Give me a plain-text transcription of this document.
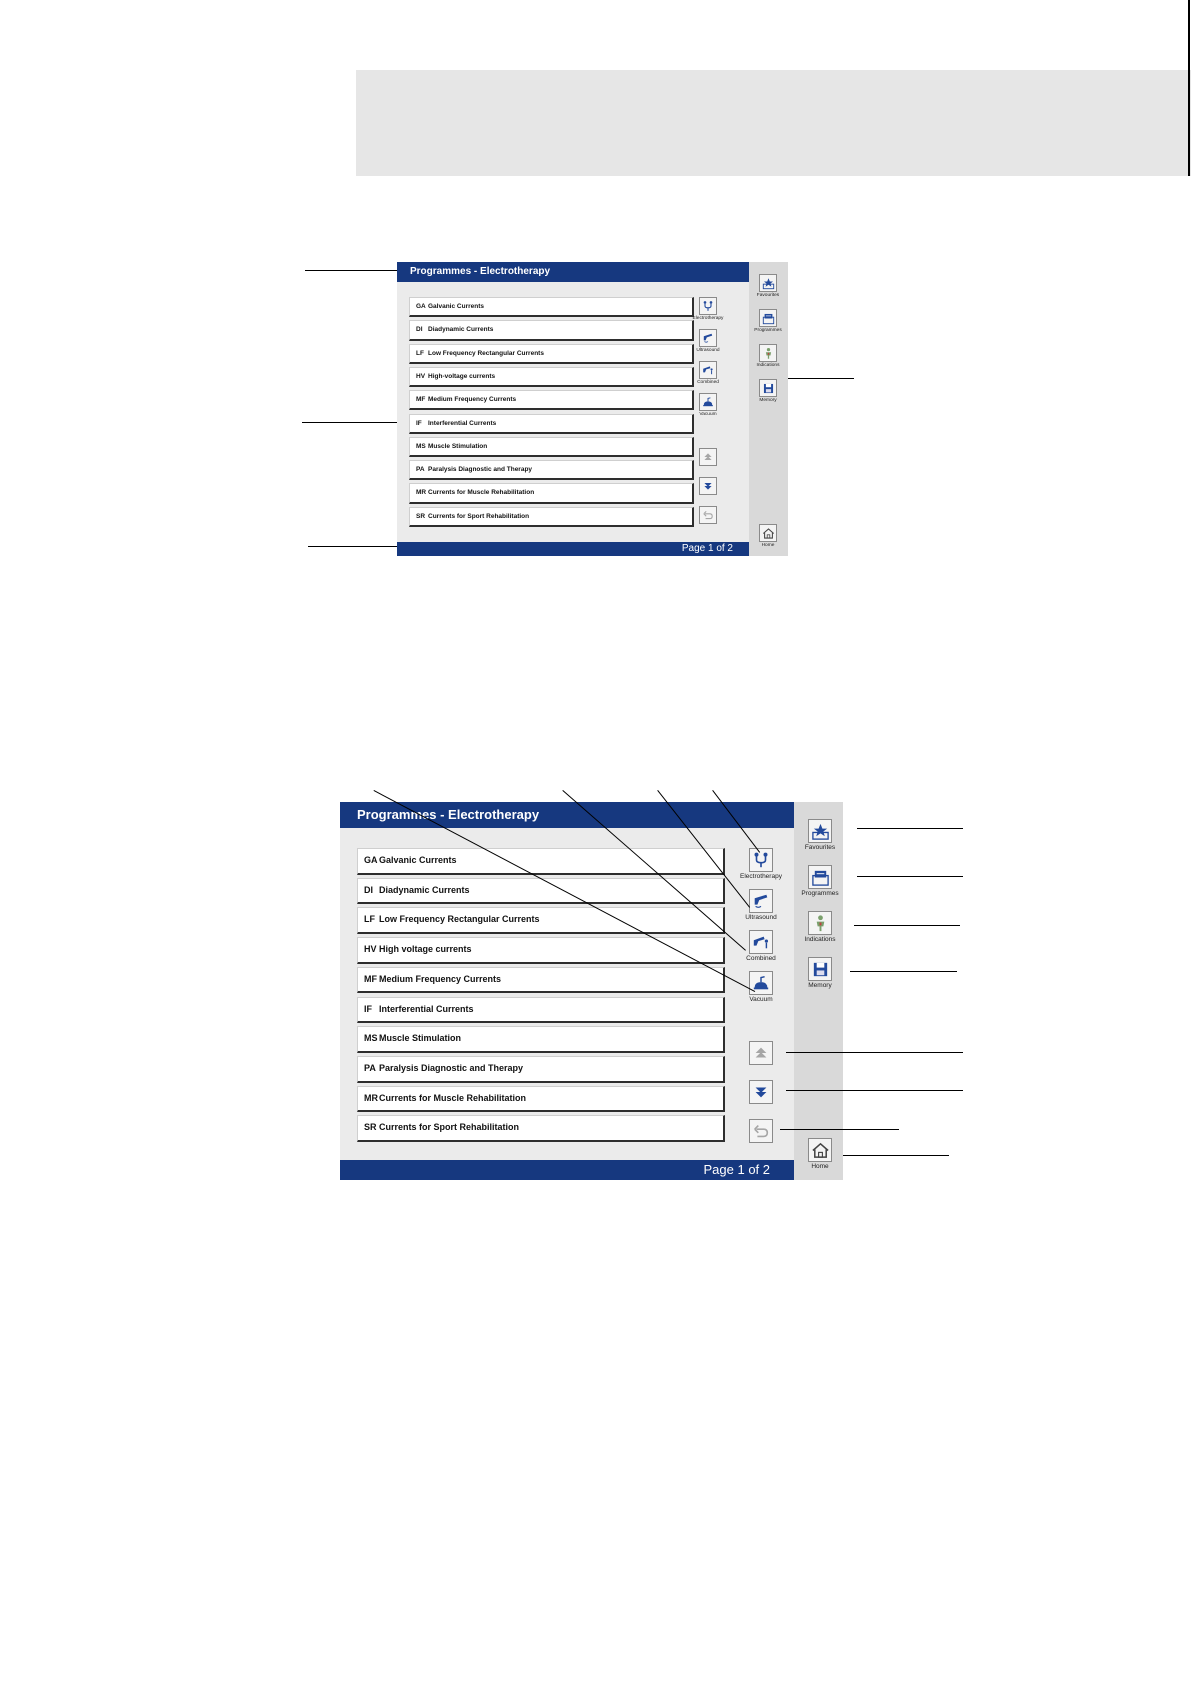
Programmes - Electrotherapy
Page 1 of 2
GA Galvanic Currents
DI Diadynamic Currents
LF Low Frequency Rectangular Currents
HV High-voltage currents
MF Medium Frequency Currents
IF Interferential Currents
MS Muscle Stimulation
PA Paralysis Diagnostic and Therapy
MR Currents for Muscle Rehabilitation
SR Currents for Sport Rehabilitation
Electrotherapy
Ultrasound
Combined
Vacuum
Favourites
Programmes
Indications
Memory
Home
Programmes - Electrotherapy
Page 1 of 2
GA Galvanic Currents
DI Diadynamic Currents
LF Low Frequency Rectangular Currents
HV High voltage currents
MF Medium Frequency Currents
IF Interferential Currents
MS Muscle Stimulation
PA Paralysis Diagnostic and Therapy
MRCurrents for Muscle Rehabilitation
SR Currents for Sport Rehabilitation
Electrotherapy
Ultrasound
Combined
Vacuum
Favourites
Programmes
Indications
Memory
Home
